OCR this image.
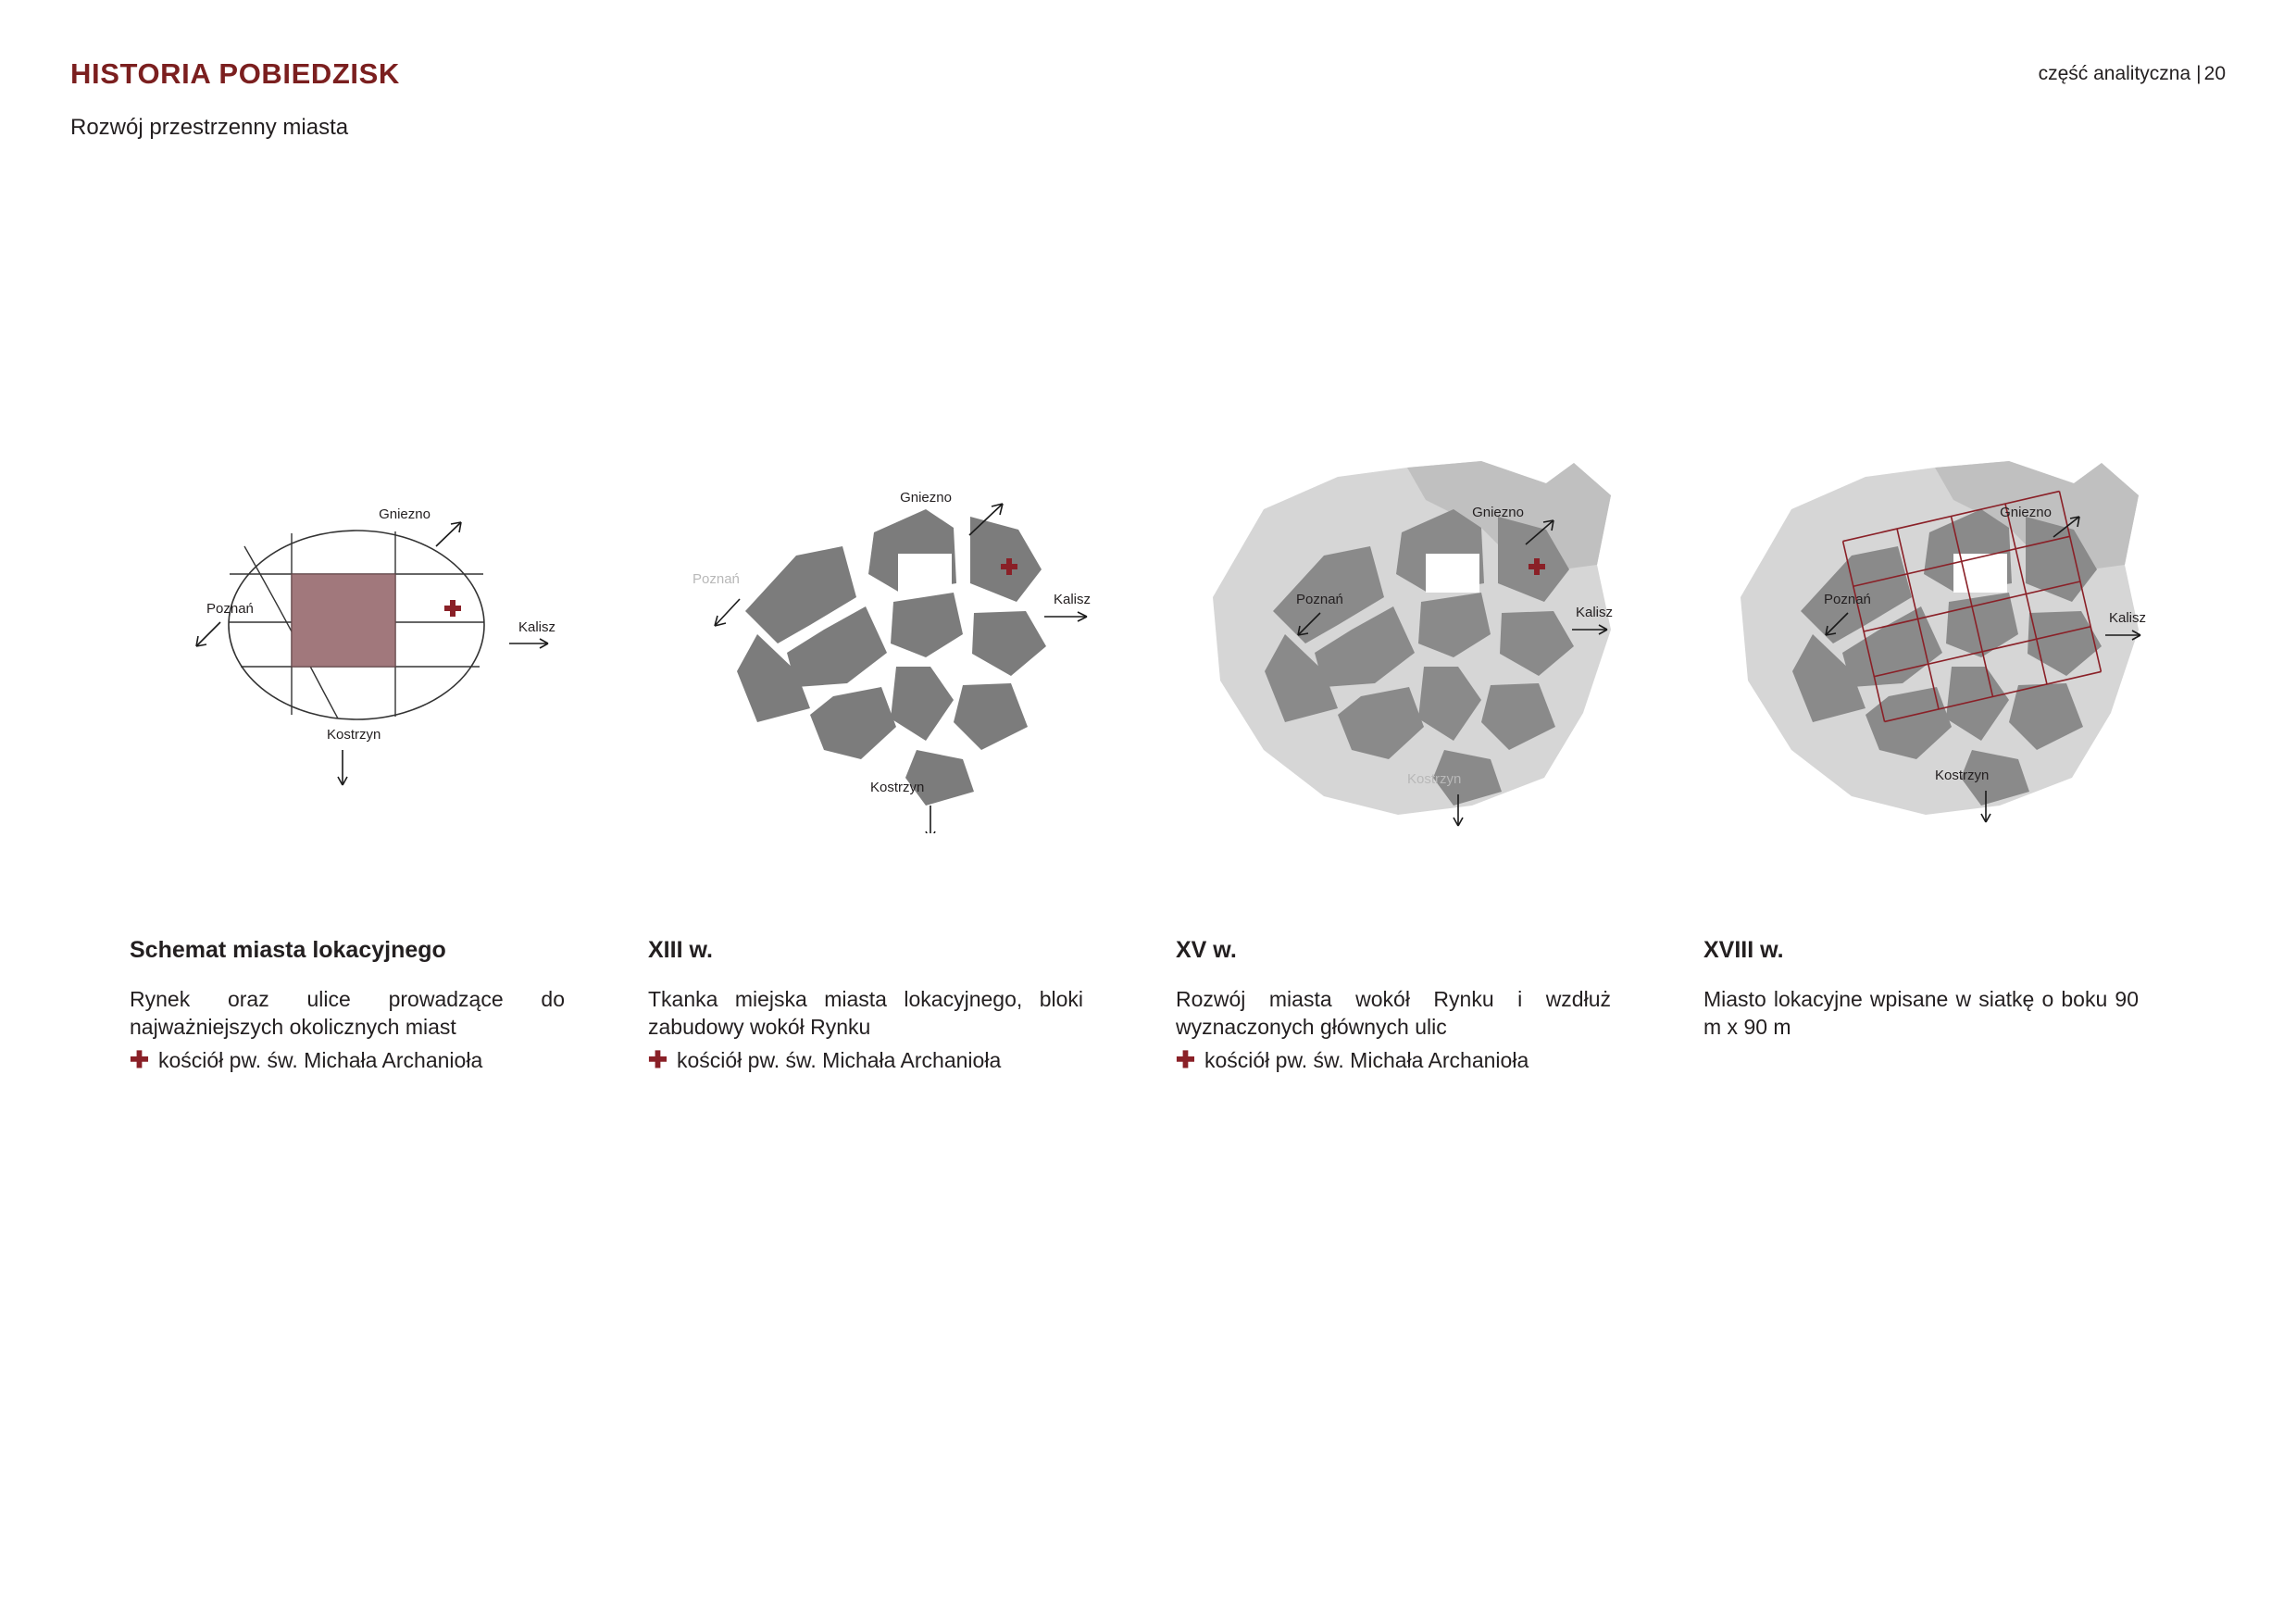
HISTORIA POBIEDZISK
Rozwój przestrzenny miasta
część analityczna | 20
Gniezno
Poznań
Kalisz
Kostrzyn
Gniezno
Poznań
Kalisz
Kostrzyn
Gniezno
Poznań
Kalisz
Kostrzyn
Gniezno
Poznań
Kalisz
Kostrzyn
Schemat miasta lokacyjnego
Rynek oraz ulice prowadzące do najważniejszych okolicznych miast
✚ kościół pw. św. Michała Archanioła
XIII w.
Tkanka miejska miasta lokacyjnego, bloki zabudowy wokół Rynku
✚ kościół pw. św. Michała Archanioła
XV w.
Rozwój miasta wokół Rynku i wzdłuż wyznaczonych głównych ulic
✚ kościół pw. św. Michała Archanioła
XVIII w.
Miasto lokacyjne wpisane w siatkę o boku 90 m x 90 m
